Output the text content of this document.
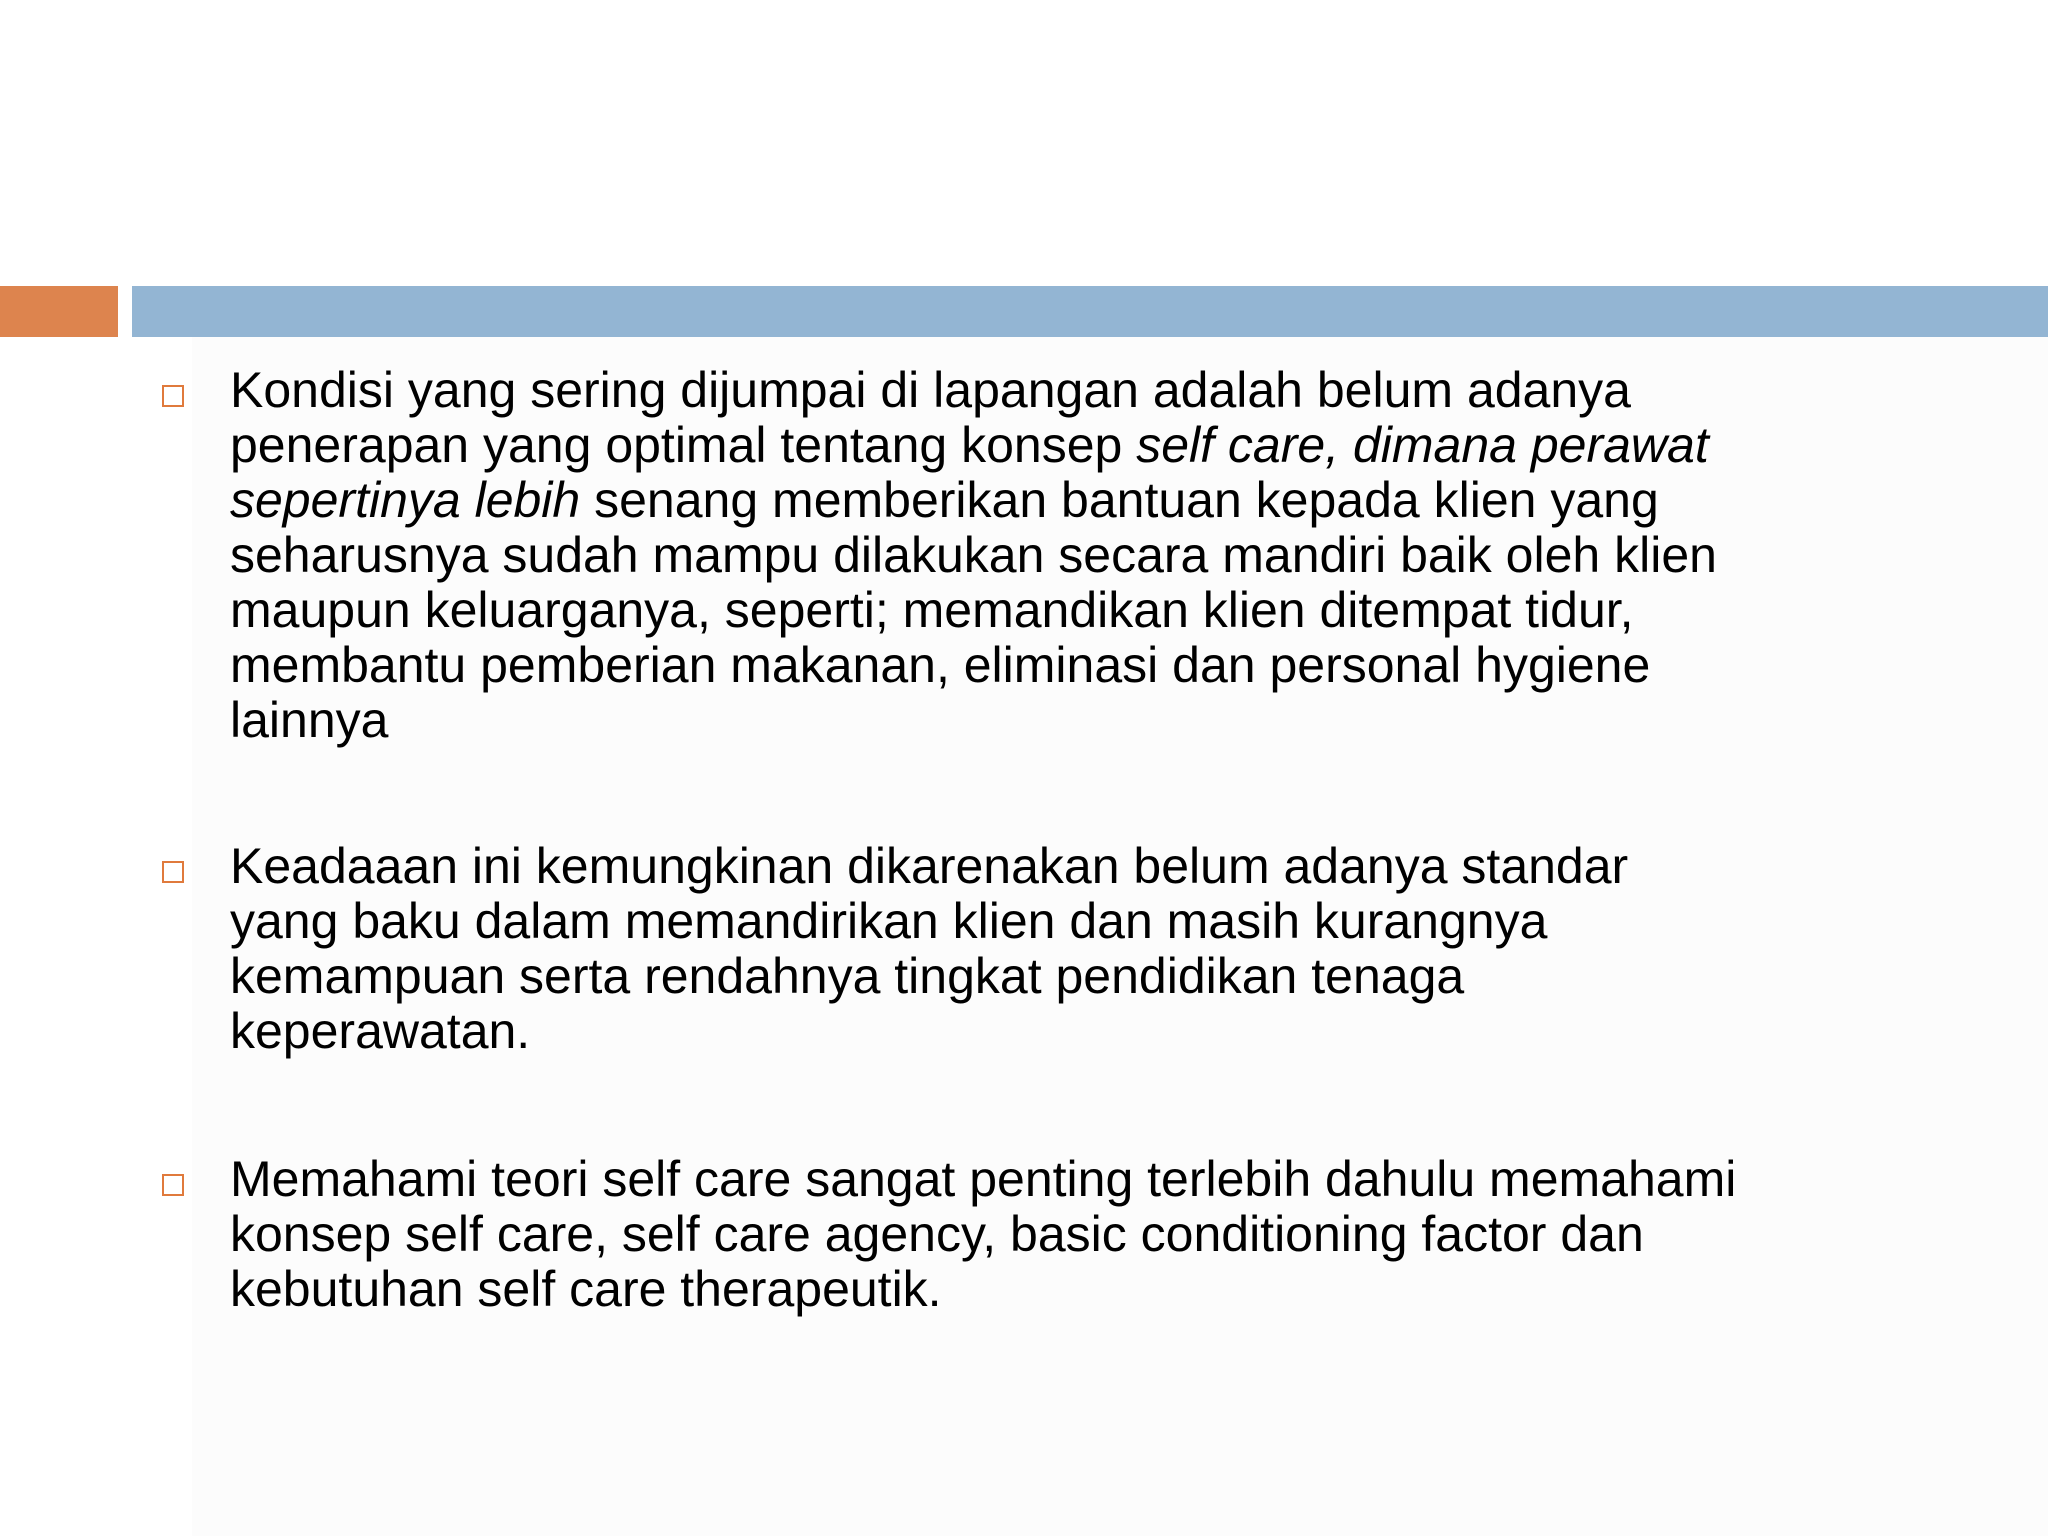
Kondisi yang sering dijumpai di lapangan adalah belum adanya
penerapan yang optimal tentang konsep self care, dimana perawat
sepertinya lebih senang memberikan bantuan kepada klien yang
seharusnya sudah mampu dilakukan secara mandiri baik oleh klien
maupun keluarganya, seperti; memandikan klien ditempat tidur,
membantu pemberian makanan, eliminasi dan personal hygiene
lainnya

Keadaaan ini kemungkinan dikarenakan belum adanya standar
yang baku dalam memandirikan klien dan masih kurangnya
kemampuan serta rendahnya tingkat pendidikan tenaga
keperawatan.

Memahami teori self care sangat penting terlebih dahulu memahami
konsep self care, self care agency, basic conditioning factor dan
kebutuhan self care therapeutik.
